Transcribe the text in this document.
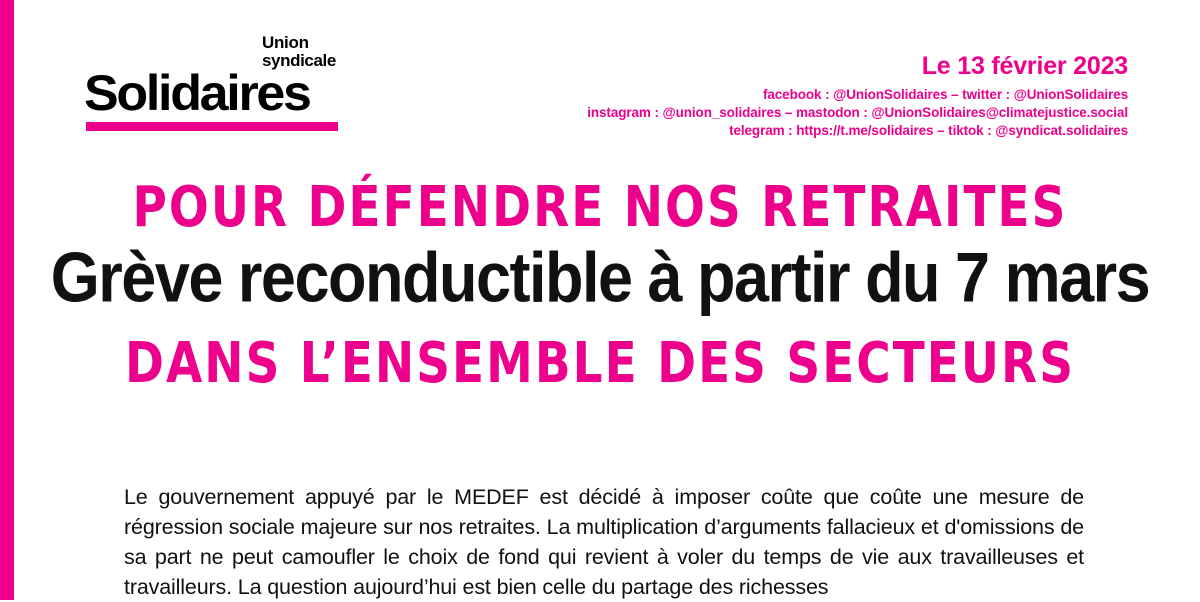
Union
syndicale
Solidaires	Le 13 février 2023
facebook : @UnionSolidaires – twitter : @UnionSolidaires
instagram : @union_solidaires – mastodon : @UnionSolidaires@climatejustice.social
telegram : https://t.me/solidaires – tiktok : @syndicat.solidaires
POUR DÉFENDRE NOS RETRAITES
Grève reconductible à partir du 7 mars
DANS L’ENSEMBLE DES SECTEURS
Le gouvernement appuyé par le MEDEF est décidé à imposer coûte que coûte une mesure de régression sociale majeure sur nos retraites. La multiplication d’arguments fallacieux et d'omissions de sa part ne peut camoufler le choix de fond qui revient à voler du temps de vie aux travailleuses et travailleurs. La question aujourd’hui est bien celle du partage des richesses
